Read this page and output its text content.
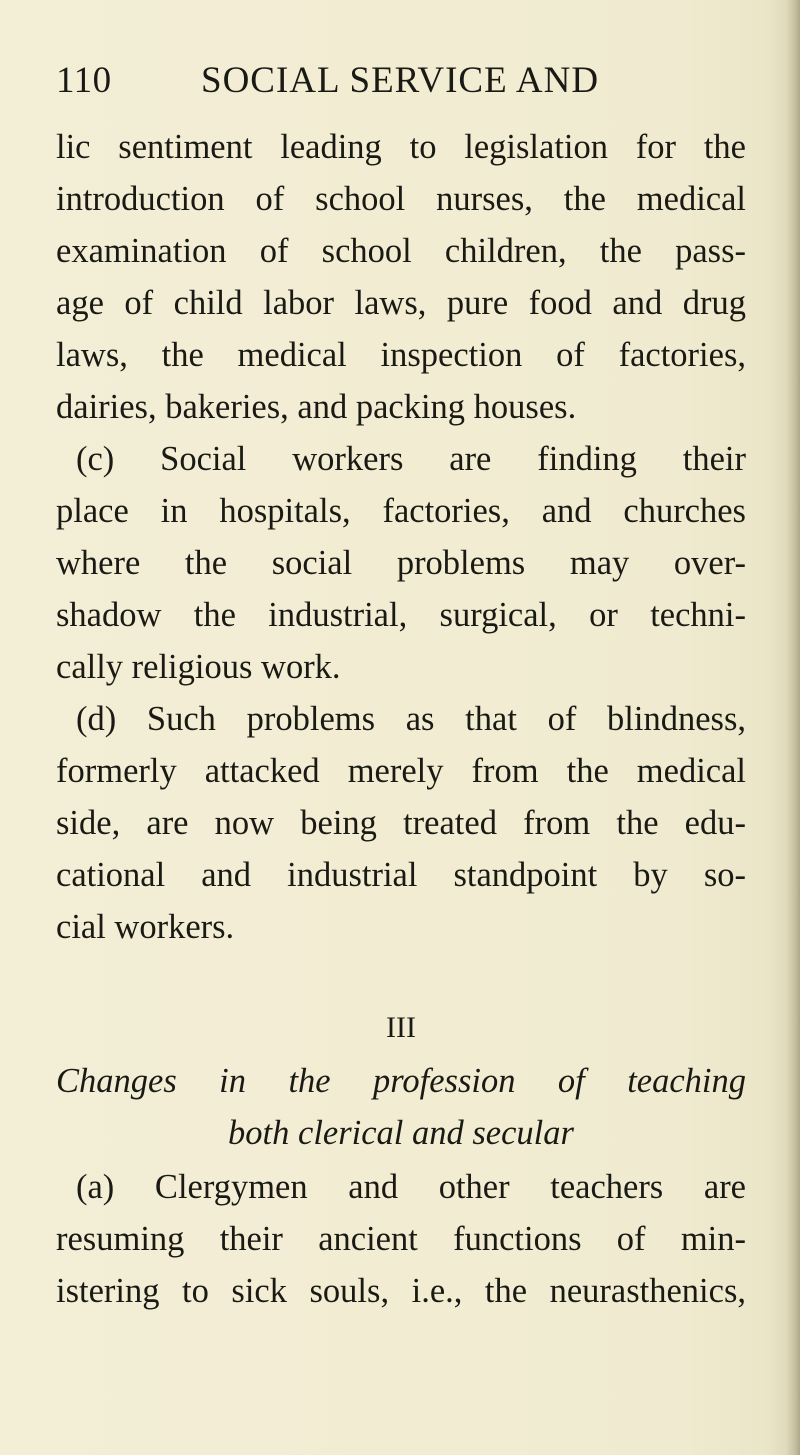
110 SOCIAL SERVICE AND
lic sentiment leading to legislation for the
introduction of school nurses, the medical
examination of school children, the pass-
age of child labor laws, pure food and drug
laws, the medical inspection of factories,
dairies, bakeries, and packing houses.
(c) Social workers are finding their
place in hospitals, factories, and churches
where the social problems may over-
shadow the industrial, surgical, or techni-
cally religious work.
(d) Such problems as that of blindness,
formerly attacked merely from the medical
side, are now being treated from the edu-
cational and industrial standpoint by so-
cial workers.
III
Changes in the profession of teaching
both clerical and secular
(a) Clergymen and other teachers are
resuming their ancient functions of min-
istering to sick souls, i.e., the neurasthenics,
